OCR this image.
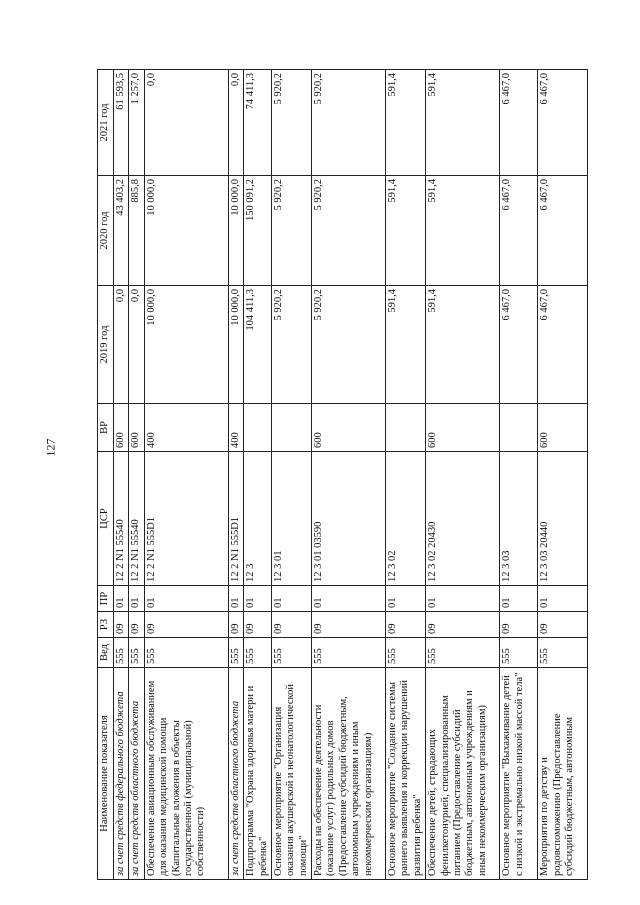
127
Наименование показателя	Вед	РЗ	ПР	ЦСР	ВР	2019 год	2020 год	2021 год
за счет средств федерального бюджета	555	09	01	12 2 N1 55540	600	0,0	43 403,2	61 593,5
за счет средств областного бюджета	555	09	01	12 2 N1 55540	600	0,0	885,8	1 257,0
Обеспечение авиационным обслуживанием для оказания медицинской помощи (Капитальные вложения в объекты государственной (муниципальной) собственности)	555	09	01	12 2 N1 555D1	400	10 000,0	10 000,0	0,0
за счет средств областного бюджета	555	09	01	12 2 N1 555D1	400	10 000,0	10 000,0	0,0
Подпрограмма "Охрана здоровья матери и ребенка"	555	09	01	12 3		104 411,3	150 091,2	74 411,3
Основное мероприятие "Организация оказания акушерской и неонатологической помощи"	555	09	01	12 3 01		5 920,2	5 920,2	5 920,2
Расходы на обеспечение деятельности (оказание услуг) родильных домов (Предоставление субсидий бюджетным, автономным учреждениям и иным некоммерческим организациям)	555	09	01	12 3 01 03590	600	5 920,2	5 920,2	5 920,2
Основное мероприятие "Создание системы раннего выявления и коррекции нарушений развития ребенка"	555	09	01	12 3 02		591,4	591,4	591,4
Обеспечение детей, страдающих фенилкетонурией, специализированным питанием (Предоставление субсидий бюджетным, автономным учреждениям и иным некоммерческим организациям)	555	09	01	12 3 02 20430	600	591,4	591,4	591,4
Основное мероприятие "Выхаживание детей с низкой и экстремально низкой массой тела"	555	09	01	12 3 03		6 467,0	6 467,0	6 467,0
Мероприятия по детству и родовспоможению (Предоставление субсидий бюджетным, автономным	555	09	01	12 3 03 20440	600	6 467,0	6 467,0	6 467,0
